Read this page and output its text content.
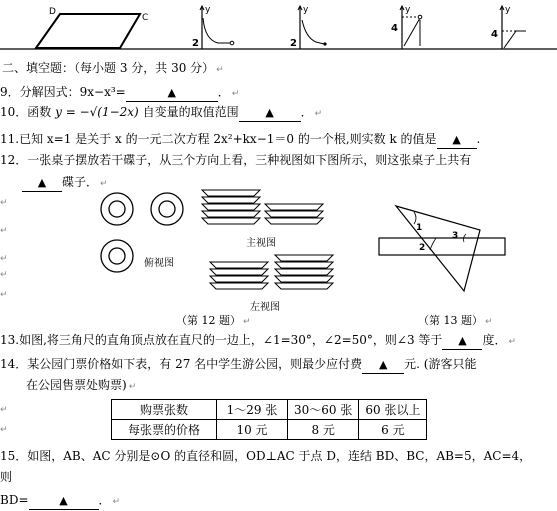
D
C
y
2
y
2
y
4
y
4
二、填空题：（每小题 3 分，共 30 分） ↵
9．分解因式：9x−x³=	▲	． ↵
10．函数 y = −√(1−2x) 自变量的取值范围 ▲ ． ↵
11.已知 x=1 是关于 x 的一元二次方程 2x²+kx−1＝0 的一个根,则实数 k 的值是 ▲ .
12．一张桌子摆放若干碟子，从三个方向上看，三种视图如下图所示，则这张桌子上共有
▲ 碟子． ↵
↵
↵
↵
↵
↵
俯视图
主视图
左视图
（第 12 题） ↵
1
2
3
（第 13 题） ↵
13.如图,将三角尺的直角顶点放在直尺的一边上，∠1=30°，∠2=50°，则∠3 等于 ▲ 度． ↵
14．某公园门票价格如下表，有 27 名中学生游公园，则最少应付费 ▲ 元. (游客只能
在公园售票处购票) ↵
购票张数	1～29 张	30～60 张	60 张以上
每张票的价格	10 元	8 元	6 元
↵
↵
15．如图，AB、AC 分别是⊙O 的直径和圆，OD⊥AC 于点 D，连结 BD、BC，AB=5，AC=4，
则
BD=	▲	． ↵
